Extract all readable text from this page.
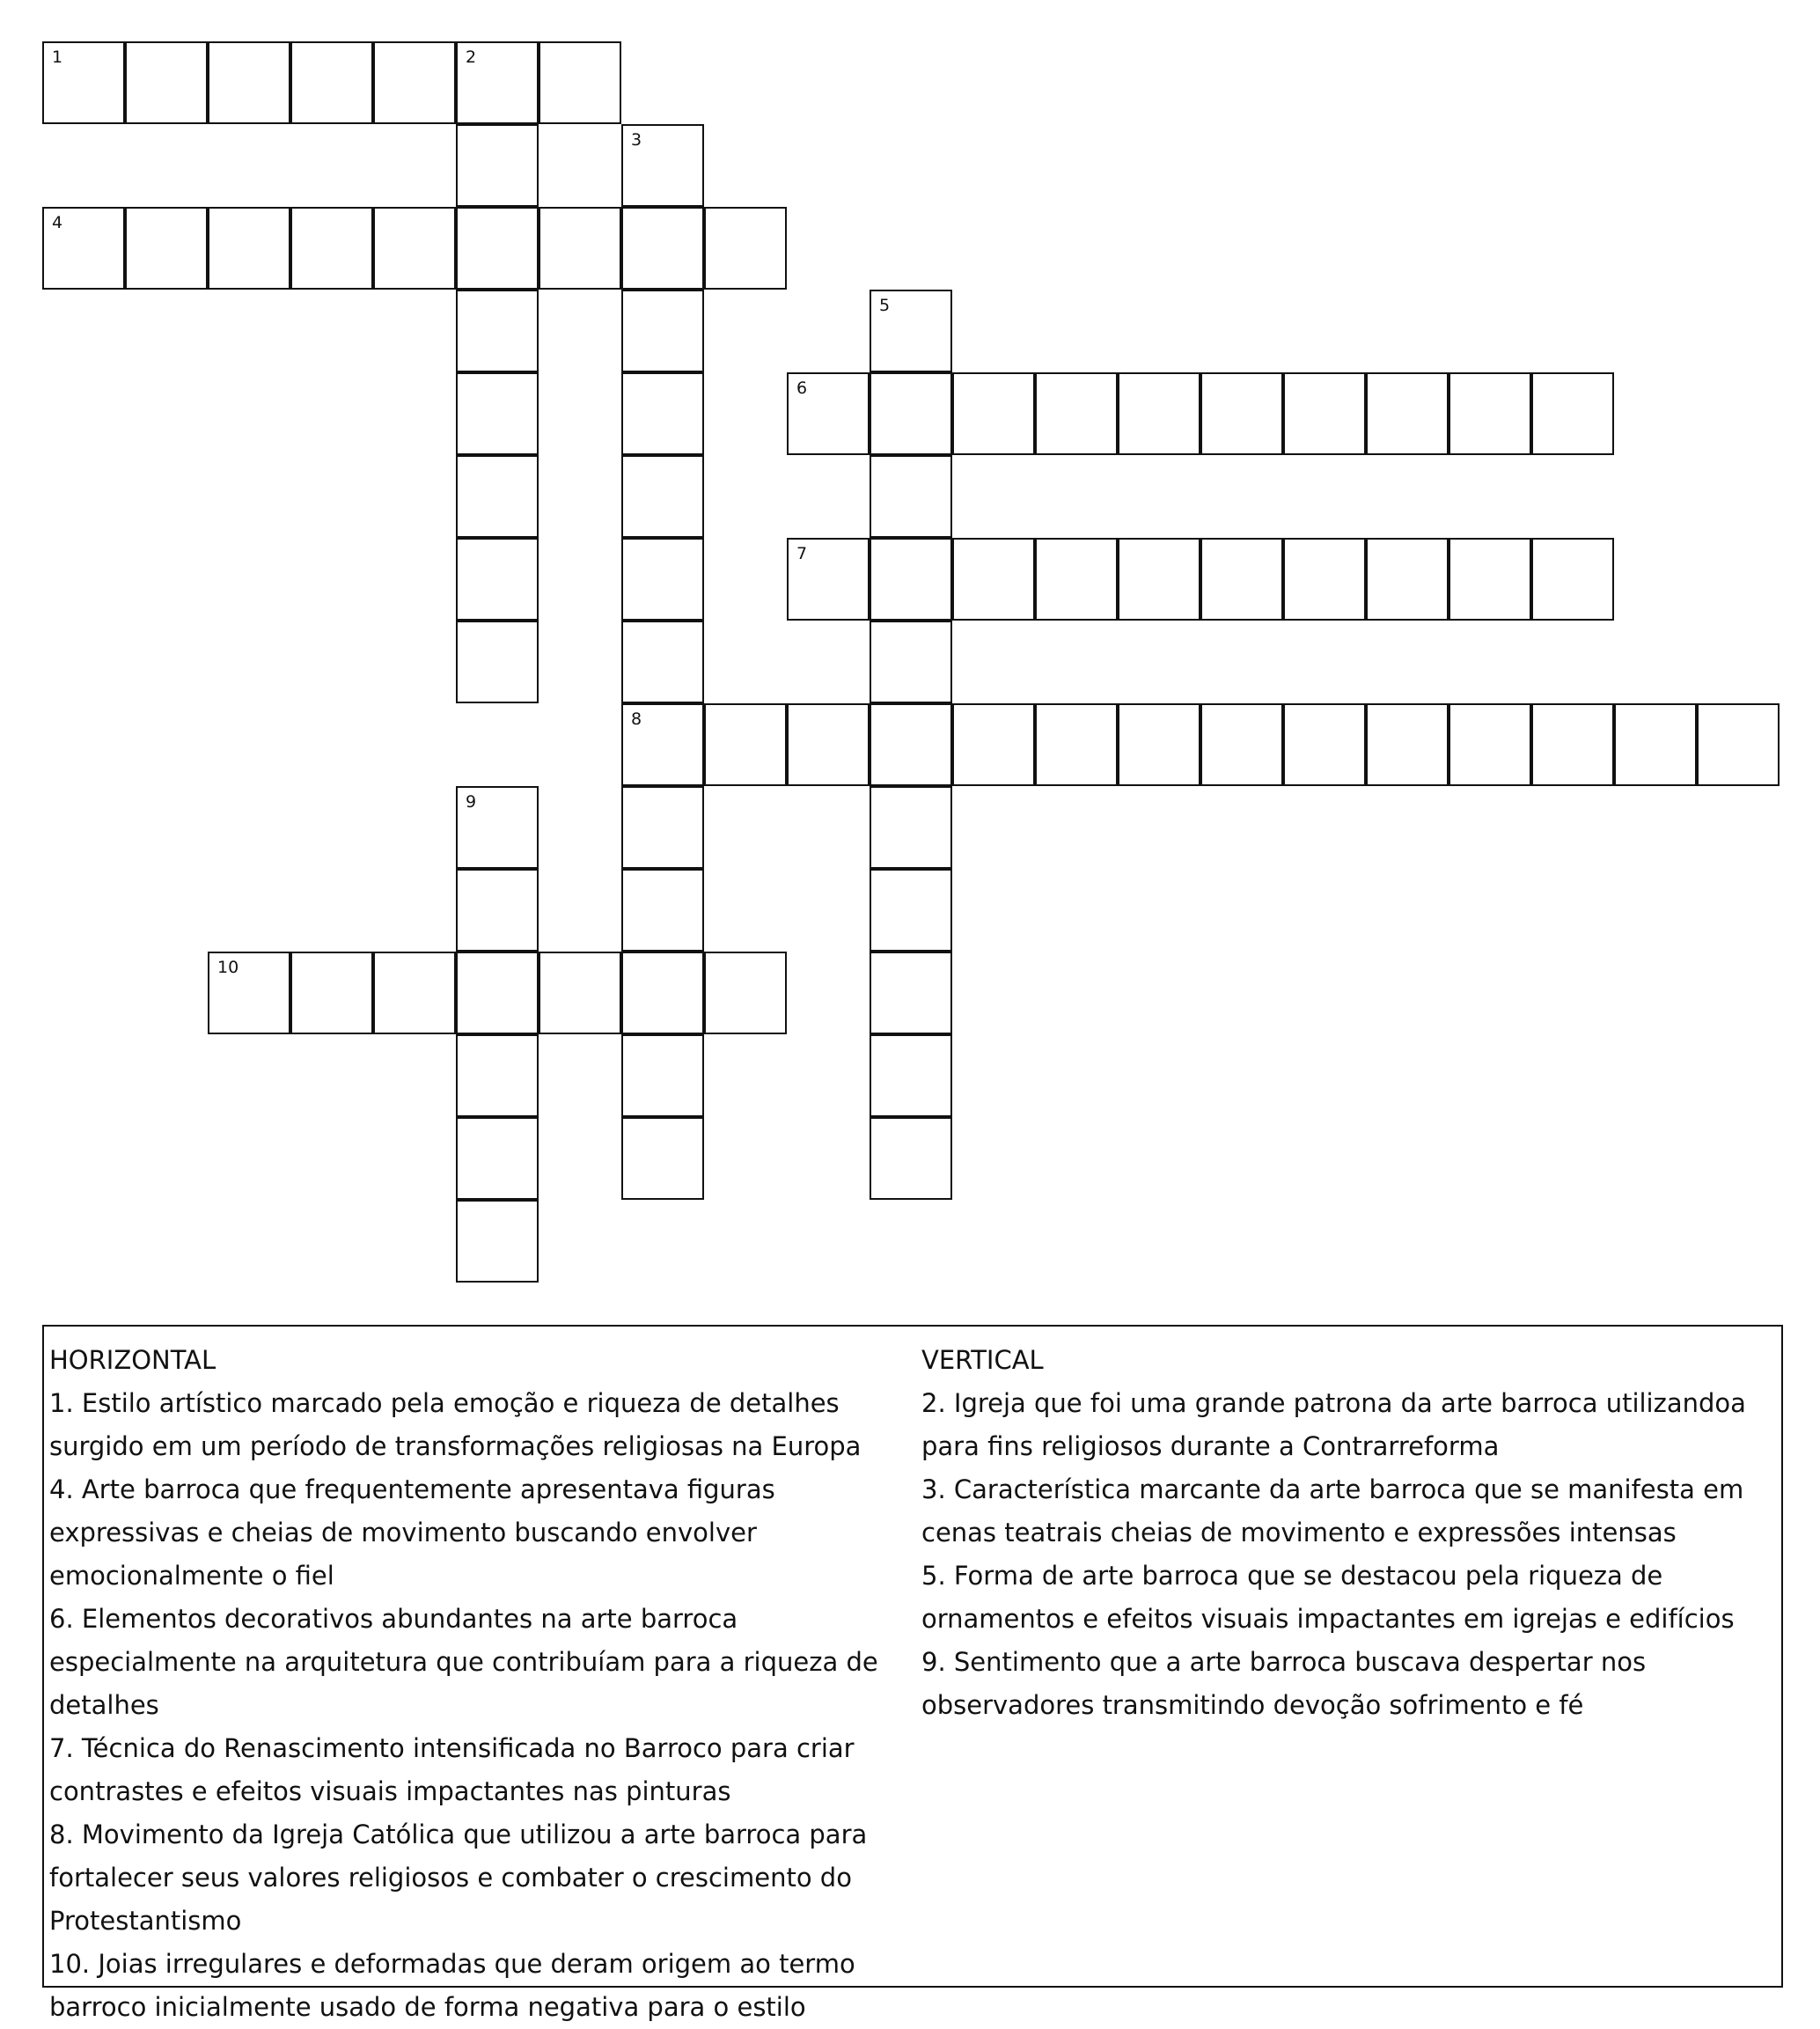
1	2
3
8
4
5
6
7
9
10
HORIZONTAL
1. Estilo artístico marcado pela emoção e riqueza de detalhes surgido em um período de transformações religiosas na Europa
4. Arte barroca que frequentemente apresentava figuras expressivas e cheias de movimento buscando envolver emocionalmente o fiel
6. Elementos decorativos abundantes na arte barroca especialmente na arquitetura que contribuíam para a riqueza de detalhes
7. Técnica do Renascimento intensificada no Barroco para criar contrastes e efeitos visuais impactantes nas pinturas
8. Movimento da Igreja Católica que utilizou a arte barroca para fortalecer seus valores religiosos e combater o crescimento do Protestantismo
10. Joias irregulares e deformadas que deram origem ao termo barroco inicialmente usado de forma negativa para o estilo
VERTICAL
2. Igreja que foi uma grande patrona da arte barroca utilizandoa para fins religiosos durante a Contrarreforma
3. Característica marcante da arte barroca que se manifesta em cenas teatrais cheias de movimento e expressões intensas
5. Forma de arte barroca que se destacou pela riqueza de ornamentos e efeitos visuais impactantes em igrejas e edifícios
9. Sentimento que a arte barroca buscava despertar nos observadores transmitindo devoção sofrimento e fé
